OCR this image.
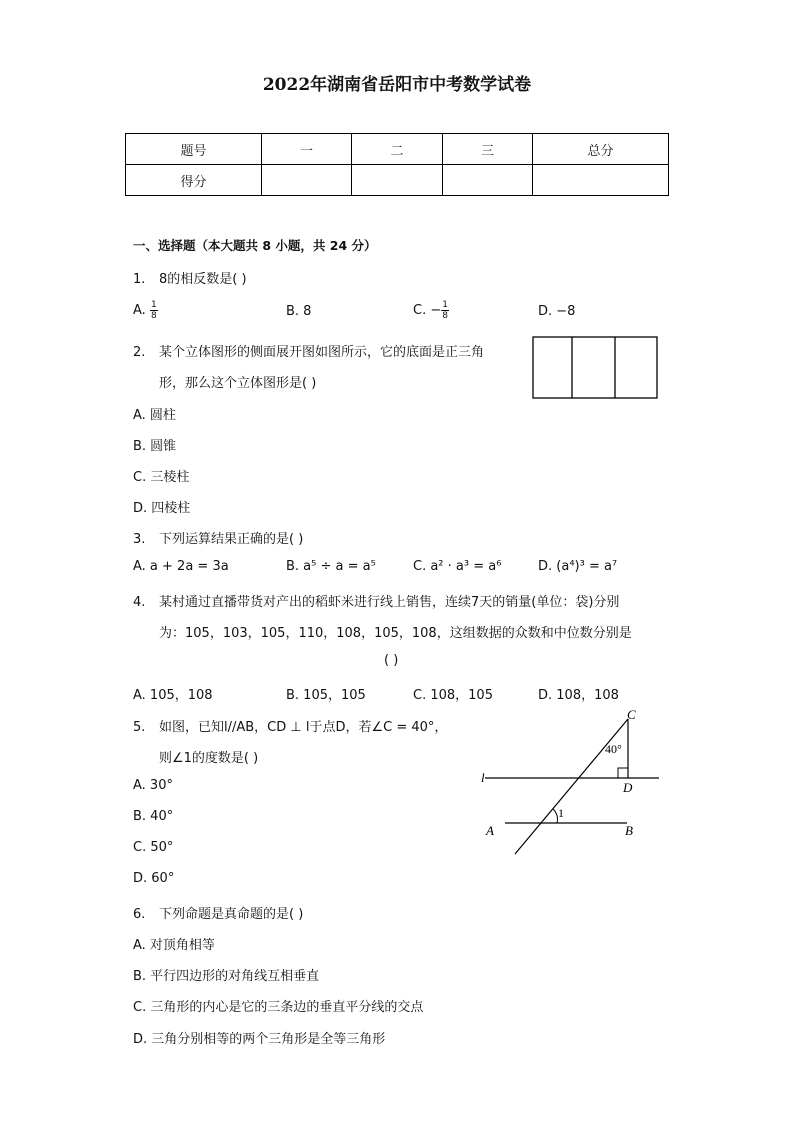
2022年湖南省岳阳市中考数学试卷
题号	一	二	三	总分
得分				
一、选择题（本大题共 8 小题，共 24 分）
1. 8的相反数是( )
A. $\frac{1}{8}$	B. 8	C. − $\frac{1}{8}$	D. −8
2. 某个立体图形的侧面展开图如图所示，它的底面是正三角
形，那么这个立体图形是( )
A. 圆柱
B. 圆锥
C. 三棱柱
D. 四棱柱
3. 下列运算结果正确的是( )
A. a + 2a = 3a	B. a⁵ ÷ a = a⁵	C. a² · a³ = a⁶	D. (a⁴)³ = a⁷
4. 某村通过直播带货对产出的稻虾米进行线上销售，连续7天的销量(单位：袋)分别
为：105，103，105，110，108，105，108，这组数据的众数和中位数分别是
( )
A. 105，108	B. 105，105	C. 108，105	D. 108，108
5. 如图，已知l//AB，CD ⊥ l于点D，若∠C = 40°，
则∠1的度数是( )
A. 30°
B. 40°
C. 50°
D. 60°
C
D
A	B
l
40°
1
6. 下列命题是真命题的是( )
A. 对顶角相等
B. 平行四边形的对角线互相垂直
C. 三角形的内心是它的三条边的垂直平分线的交点
D. 三角分别相等的两个三角形是全等三角形
